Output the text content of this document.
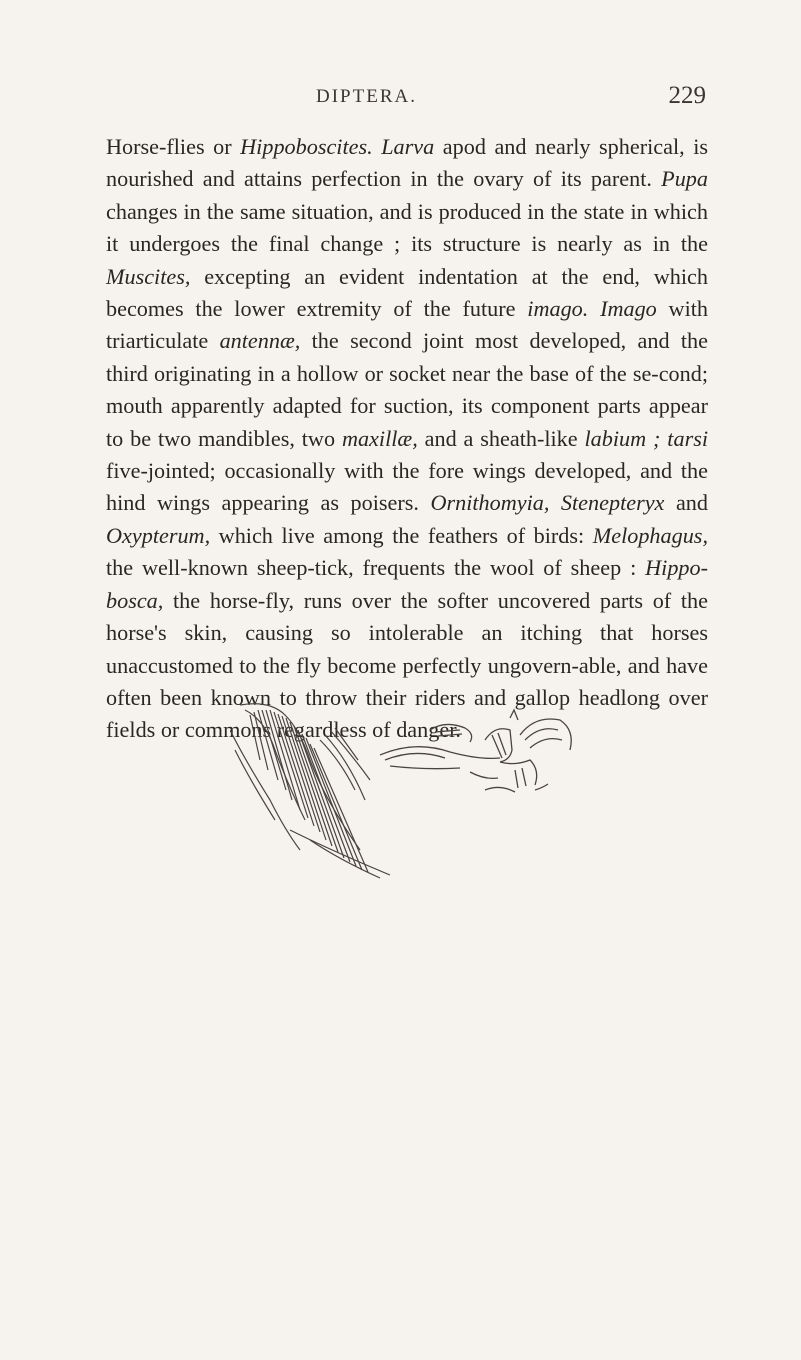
DIPTERA.	229

Horse-flies or Hippoboscites. Larva apod and nearly spherical, is nourished and attains perfection in the ovary of its parent. Pupa changes in the same situation, and is produced in the state in which it undergoes the final change ; its structure is nearly as in the Muscites, excepting an evident indentation at the end, which becomes the lower extremity of the future imago. Imago with triarticulate antennæ, the second joint most developed, and the third originating in a hollow or socket near the base of the se-cond; mouth apparently adapted for suction, its component parts appear to be two mandibles, two maxillæ, and a sheath-like labium ; tarsi five-jointed; occasionally with the fore wings developed, and the hind wings appearing as poisers. Ornithomyia, Stenepteryx and Oxypterum, which live among the feathers of birds: Melophagus, the well-known sheep-tick, frequents the wool of sheep : Hippo-bosca, the horse-fly, runs over the softer uncovered parts of the horse's skin, causing so intolerable an itching that horses unaccustomed to the fly become perfectly ungovern-able, and have often been known to throw their riders and gallop headlong over fields or commons regardless of danger.
